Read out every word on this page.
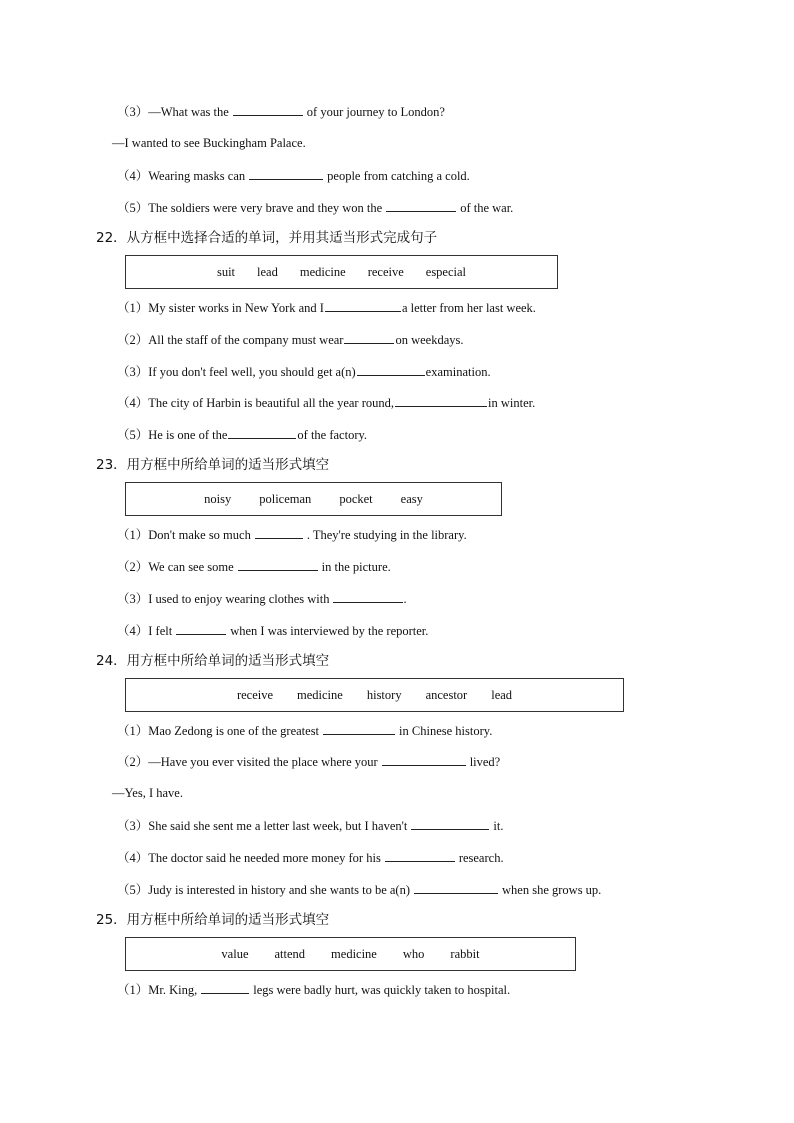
（3）—What was the	of your journey to London?
—I wanted to see Buckingham Palace.
（4）Wearing masks can	people from catching a cold.
（5）The soldiers were very brave and they won the	of the war.
22．从方框中选择合适的单词，并用其适当形式完成句子
suit lead medicine receive especial
（1）My sister works in New York and I	a letter from her last week.
（2）All the staff of the company must wear	on weekdays.
（3）If you don't feel well, you should get a(n)	examination.
（4）The city of Harbin is beautiful all the year round,	in winter.
（5）He is one of the	of the factory.
23．用方框中所给单词的适当形式填空
noisy policeman pocket easy
（1）Don't make so much	. They're studying in the library.
（2）We can see some	in the picture.
（3）I used to enjoy wearing clothes with	.
（4）I felt	when I was interviewed by the reporter.
24．用方框中所给单词的适当形式填空
receive medicine history ancestor lead
（1）Mao Zedong is one of the greatest	in Chinese history.
（2）—Have you ever visited the place where your	lived?
—Yes, I have.
（3）She said she sent me a letter last week, but I haven't	it.
（4）The doctor said he needed more money for his	research.
（5）Judy is interested in history and she wants to be a(n)	when she grows up.
25．用方框中所给单词的适当形式填空
value attend medicine who rabbit
（1）Mr. King,	legs were badly hurt, was quickly taken to hospital.
